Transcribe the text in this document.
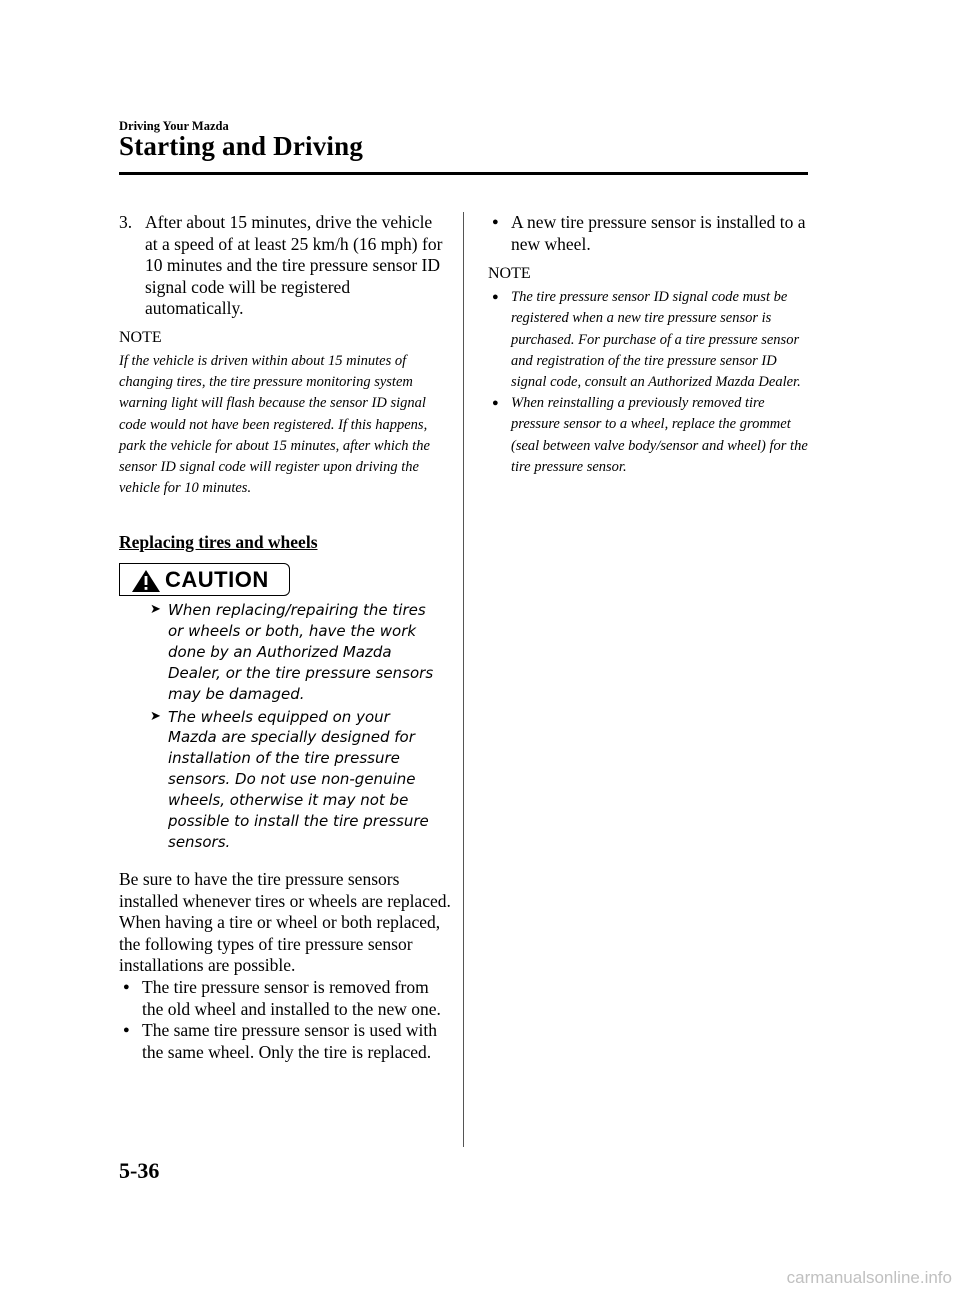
Driving Your Mazda
Starting and Driving
3. After about 15 minutes, drive the vehicle at a speed of at least 25 km/h (16 mph) for 10 minutes and the tire pressure sensor ID signal code will be registered automatically.
NOTE
If the vehicle is driven within about 15 minutes of changing tires, the tire pressure monitoring system warning light will flash because the sensor ID signal code would not have been registered. If this happens, park the vehicle for about 15 minutes, after which the sensor ID signal code will register upon driving the vehicle for 10 minutes.
Replacing tires and wheels
CAUTION
➤ When replacing/repairing the tires or wheels or both, have the work done by an Authorized Mazda Dealer, or the tire pressure sensors may be damaged.
➤ The wheels equipped on your Mazda are specially designed for installation of the tire pressure sensors. Do not use non-genuine wheels, otherwise it may not be possible to install the tire pressure sensors.
Be sure to have the tire pressure sensors installed whenever tires or wheels are replaced.
When having a tire or wheel or both replaced, the following types of tire pressure sensor installations are possible.
● The tire pressure sensor is removed from the old wheel and installed to the new one.
● The same tire pressure sensor is used with the same wheel. Only the tire is replaced.
● A new tire pressure sensor is installed to a new wheel.
NOTE
● The tire pressure sensor ID signal code must be registered when a new tire pressure sensor is purchased. For purchase of a tire pressure sensor and registration of the tire pressure sensor ID signal code, consult an Authorized Mazda Dealer.
● When reinstalling a previously removed tire pressure sensor to a wheel, replace the grommet (seal between valve body/sensor and wheel) for the tire pressure sensor.
5-36
carmanualsonline.info
